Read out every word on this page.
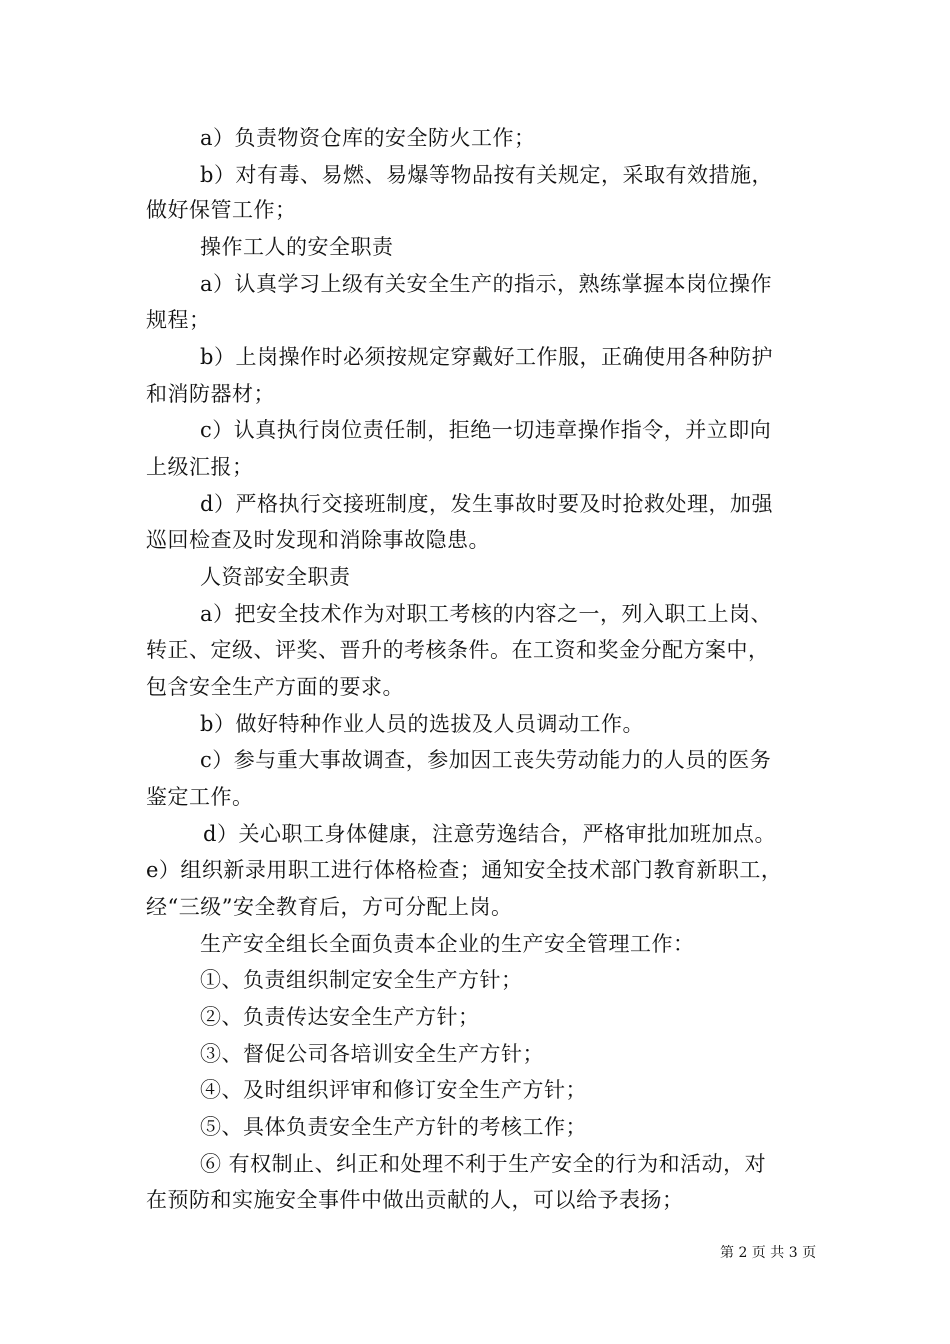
a）负责物资仓库的安全防火工作；
b）对有毒、易燃、易爆等物品按有关规定，采取有效措施，
做好保管工作；
操作工人的安全职责
a）认真学习上级有关安全生产的指示，熟练掌握本岗位操作
规程；
b）上岗操作时必须按规定穿戴好工作服，正确使用各种防护
和消防器材；
c）认真执行岗位责任制，拒绝一切违章操作指令，并立即向
上级汇报；
d）严格执行交接班制度，发生事故时要及时抢救处理，加强
巡回检查及时发现和消除事故隐患。
人资部安全职责
a）把安全技术作为对职工考核的内容之一，列入职工上岗、
转正、定级、评奖、晋升的考核条件。在工资和奖金分配方案中，
包含安全生产方面的要求。
b）做好特种作业人员的选拔及人员调动工作。
c）参与重大事故调查，参加因工丧失劳动能力的人员的医务
鉴定工作。
d）关心职工身体健康，注意劳逸结合，严格审批加班加点。
e）组织新录用职工进行体格检查；通知安全技术部门教育新职工，
经“三级”安全教育后，方可分配上岗。
生产安全组长全面负责本企业的生产安全管理工作：
①、负责组织制定安全生产方针；
②、负责传达安全生产方针；
③、督促公司各培训安全生产方针；
④、及时组织评审和修订安全生产方针；
⑤、具体负责安全生产方针的考核工作；
⑥ 有权制止、纠正和处理不利于生产安全的行为和活动，对
在预防和实施安全事件中做出贡献的人，可以给予表扬；
第 2 页 共 3 页
